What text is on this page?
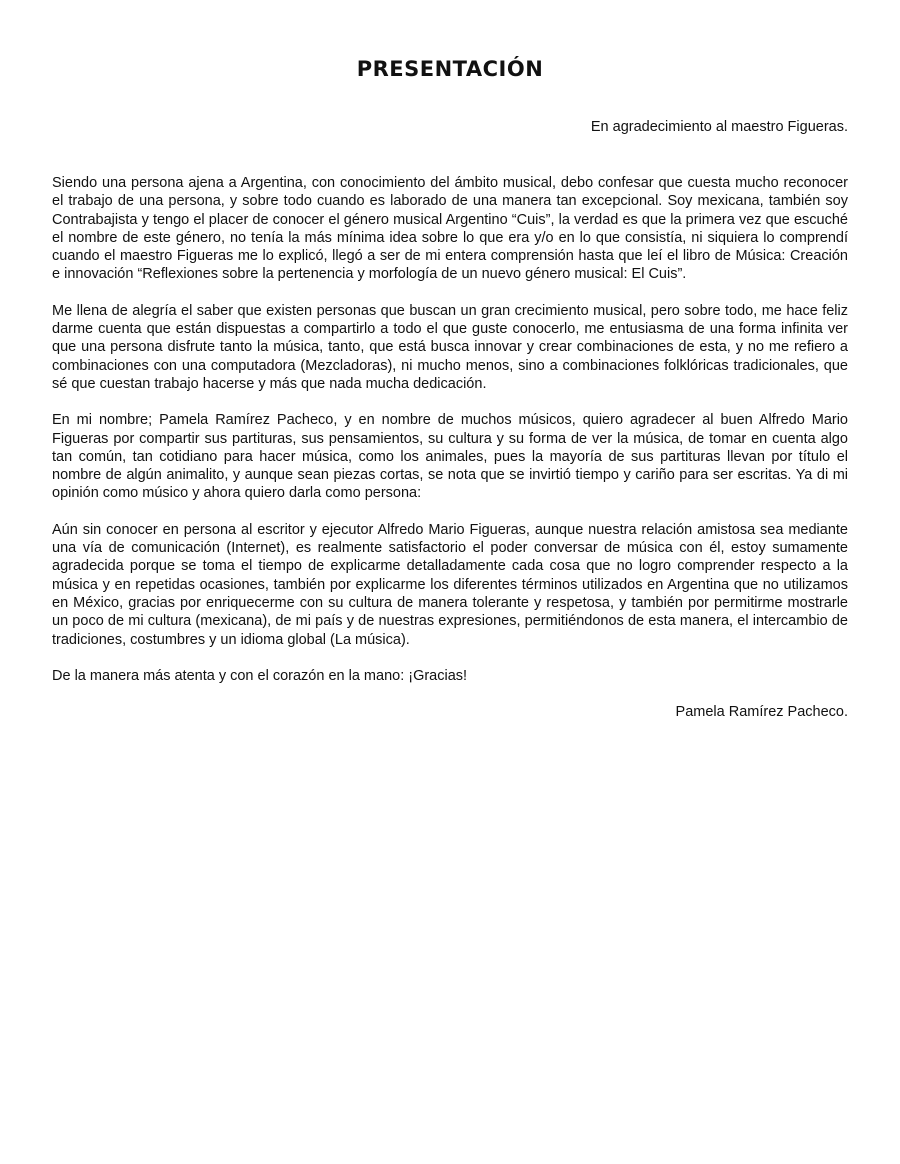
PRESENTACIÓN

En agradecimiento al maestro Figueras.

Siendo una persona ajena a Argentina, con conocimiento del ámbito musical, debo confesar que cuesta mucho reconocer el trabajo de una persona, y sobre todo cuando es laborado de una manera tan excepcional. Soy mexicana, también soy Contrabajista y tengo el placer de conocer el género musical Argentino “Cuis”, la verdad es que la primera vez que escuché el nombre de este género, no tenía la más mínima idea sobre lo que era y/o en lo que consistía, ni siquiera lo comprendí cuando el maestro Figueras me lo explicó, llegó a ser de mi entera comprensión hasta que leí el libro de Música: Creación e innovación “Reflexiones sobre la pertenencia y morfología de un nuevo género musical: El Cuis”.

Me llena de alegría el saber que existen personas que buscan un gran crecimiento musical, pero sobre todo, me hace feliz darme cuenta que están dispuestas a compartirlo a todo el que guste conocerlo, me entusiasma de una forma infinita ver que una persona disfrute tanto la música, tanto, que está busca innovar y crear combinaciones de esta, y no me refiero a combinaciones con una computadora (Mezcladoras), ni mucho menos, sino a combinaciones folklóricas tradicionales, que sé que cuestan trabajo hacerse y más que nada mucha dedicación.

En mi nombre; Pamela Ramírez Pacheco, y en nombre de muchos músicos, quiero agradecer al buen Alfredo Mario Figueras por compartir sus partituras, sus pensamientos, su cultura y su forma de ver la música, de tomar en cuenta algo tan común, tan cotidiano para hacer música, como los animales, pues la mayoría de sus partituras llevan por título el nombre de algún animalito, y aunque sean piezas cortas, se nota que se invirtió tiempo y cariño para ser escritas. Ya di mi opinión como músico y ahora quiero darla como persona:

Aún sin conocer en persona al escritor y ejecutor Alfredo Mario Figueras, aunque nuestra relación amistosa sea mediante una vía de comunicación (Internet), es realmente satisfactorio el poder conversar de música con él, estoy sumamente agradecida porque se toma el tiempo de explicarme detalladamente cada cosa que no logro comprender respecto a la música y en repetidas ocasiones, también por explicarme los diferentes términos utilizados en Argentina que no utilizamos en México, gracias por enriquecerme con su cultura de manera tolerante y respetosa, y también por permitirme mostrarle un poco de mi cultura (mexicana), de mi país y de nuestras expresiones, permitiéndonos de esta manera, el intercambio de tradiciones, costumbres y un idioma global (La música).

De la manera más atenta y con el corazón en la mano: ¡Gracias!

Pamela Ramírez Pacheco.
